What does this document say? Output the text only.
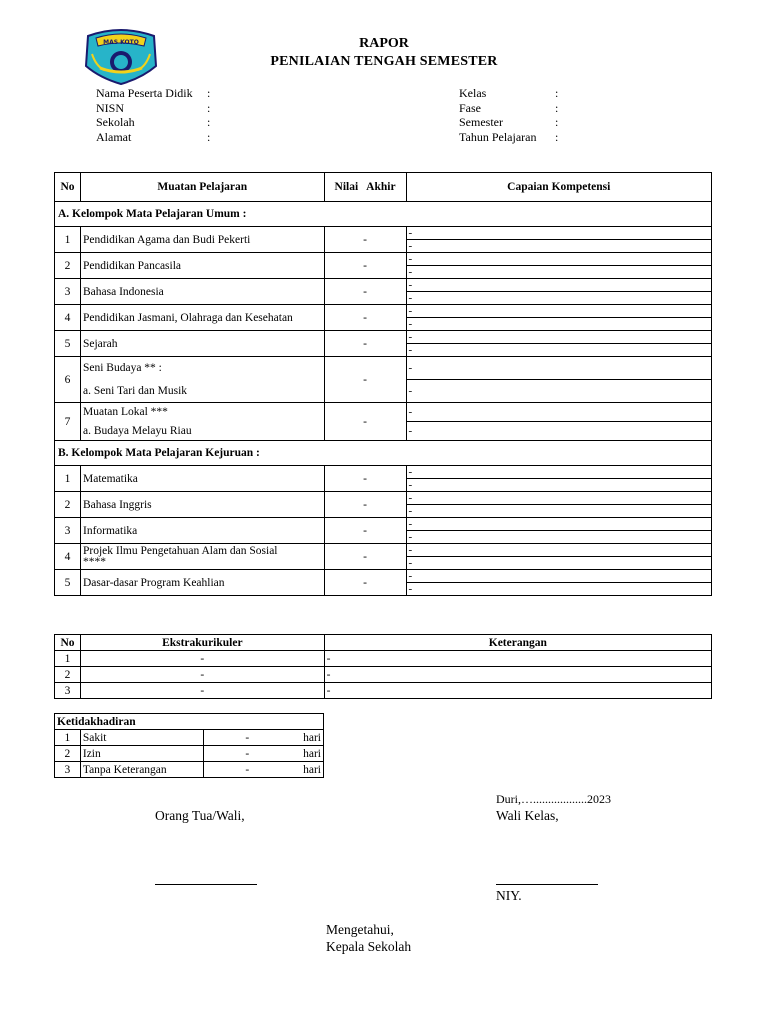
MAS KOTO	RAPOR
PENILAIAN TENGAH SEMESTER
Nama Peserta Didik :
NISN	:
Sekolah	:
Alamat	:
Kelas	:
Fase	:
Semester	:
Tahun Pelajaran :
No	Muatan Pelajaran	Nilai   Akhir	Capaian Kompetensi
A. Kelompok Mata Pelajaran Umum :			
1	Pendidikan Agama dan Budi Pekerti	-	-
			-
2	Pendidikan Pancasila	-	-
			-
3	Bahasa Indonesia	-	-
			-
4	Pendidikan Jasmani, Olahraga dan Kesehatan	-	-
			-
5	Sejarah	-	-
			-
6	Seni Budaya ** :	-	-
	a. Seni Tari dan Musik		-
7	Muatan Lokal ***	-	-
	a. Budaya Melayu Riau		-
B. Kelompok Mata Pelajaran Kejuruan :			
1	Matematika	-	-
			-
2	Bahasa Inggris	-	-
			-
3	Informatika	-	-
			-
4	Projek Ilmu Pengetahuan Alam dan Sosial
****	-	-
			-
5	Dasar-dasar Program Keahlian	-	-
			-
No	Ekstrakurikuler	Keterangan
1	-	-
2	-	-
3	-	-
Ketidakhadiran		
1	Sakit	- hari

2	Izin	- hari

3	Tanpa Keterangan	- hari
Duri,…..................2023
Orang Tua/Wali,	Wali Kelas,
NIY.
Mengetahui,
Kepala Sekolah
